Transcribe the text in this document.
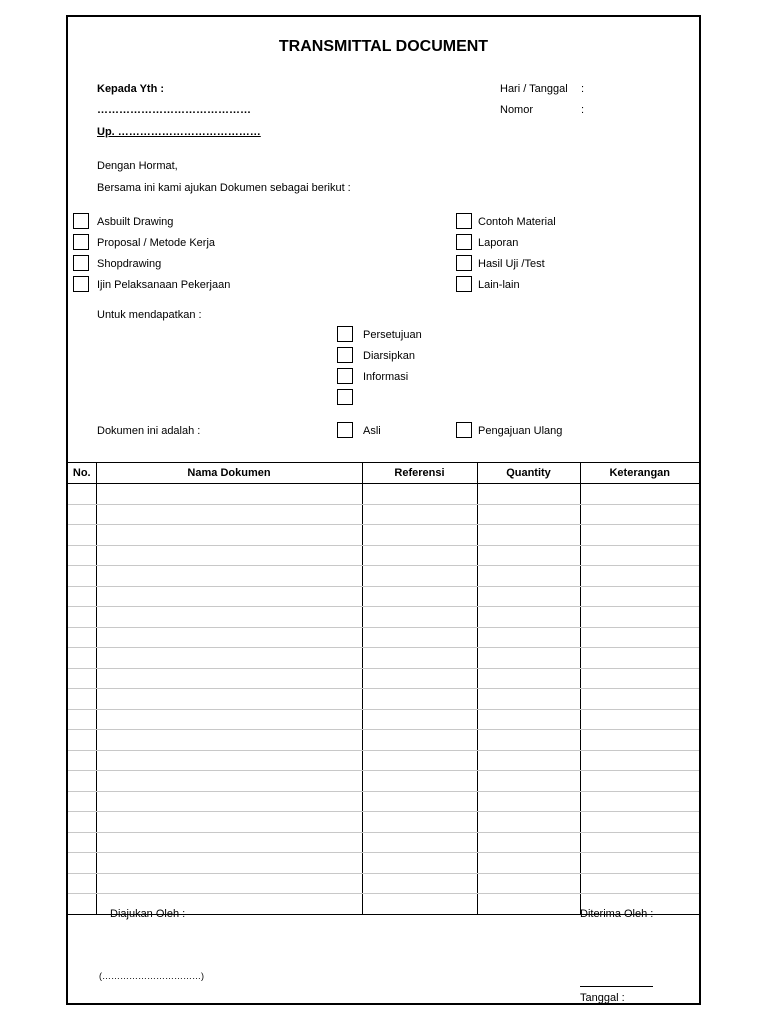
TRANSMITTAL DOCUMENT
Kepada Yth :
……………………………………
Up. …………………………………
Hari / Tanggal :
Nomor	:
Dengan Hormat,
Bersama ini kami ajukan Dokumen sebagai berikut :
Asbuilt Drawing
Proposal / Metode Kerja
Shopdrawing
Ijin Pelaksanaan Pekerjaan
Contoh Material
Laporan
Hasil Uji /Test
Lain-lain
Untuk mendapatkan :
Persetujuan
Diarsipkan
Informasi
Dokumen ini adalah :	Asli	Pengajuan Ulang
No.	Nama Dokumen	Referensi	Quantity	Keterangan

Diajukan Oleh :
(……………………………)
Diterima Oleh :
Tanggal :
